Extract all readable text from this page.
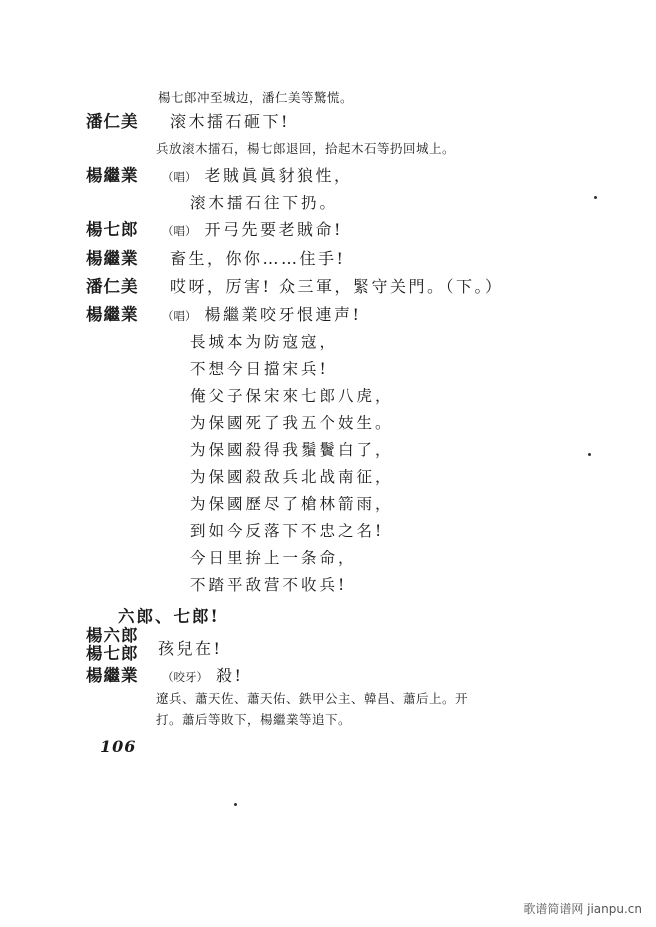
楊七郎冲至城边，潘仁美等驚慌。
潘仁美	滚木擂石砸下!
兵放滚木擂石，楊七郎退回，拾起木石等扔回城上。
楊繼業	（唱） 老賊眞眞豺狼性，
滚木擂石往下扔。
楊七郎	（唱） 开弓先要老賊命!
楊繼業	畜生，你你……住手!
潘仁美	哎呀，厉害! 众三軍，緊守关門。（下。）
楊繼業	（唱） 楊繼業咬牙恨連声!
長城本为防寇寇，
不想今日擋宋兵!
俺父子保宋來七郎八虎，
为保國死了我五个妓生。
为保國殺得我鬚鬢白了，
为保國殺敌兵北战南征，
为保國歷尽了槍林箭雨，
到如今反落下不忠之名!
今日里拚上一条命，
不踏平敌营不收兵!
六郎、七郎!
楊六郎
楊七郎 孩兒在!
楊繼業	（咬牙） 殺!
遼兵、蕭天佐、蕭天佑、鉄甲公主、韓昌、蕭后上。开
打。蕭后等敗下，楊繼業等追下。
106
歌谱简谱网 jianpu.cn
